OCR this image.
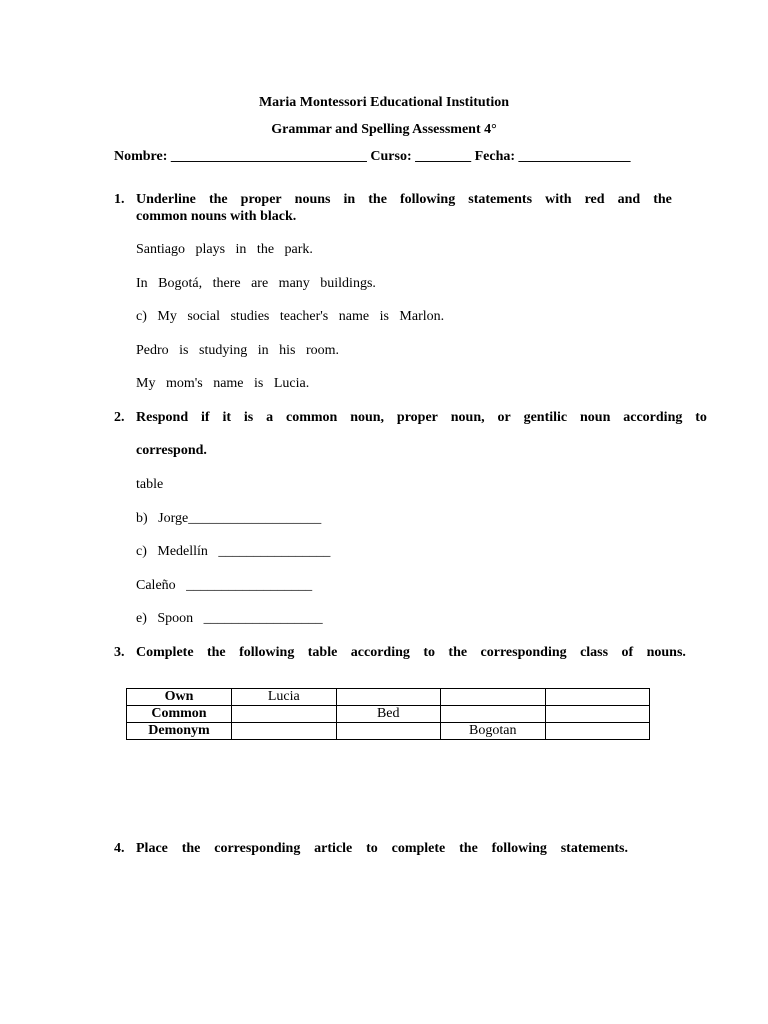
Maria Montessori Educational Institution
Grammar and Spelling Assessment 4°
Nombre: ____________________________ Curso: ________ Fecha: ________________
1. Underline the proper nouns in the following statements with red and the
common nouns with black.
Santiago plays in the park.
In Bogotá, there are many buildings.
c) My social studies teacher's name is Marlon.
Pedro is studying in his room.
My mom's name is Lucia.
2. Respond if it is a common noun, proper noun, or gentilic noun according to
correspond.
table
b) Jorge___________________
c) Medellín ________________
Caleño __________________
e) Spoon _________________
3. Complete the following table according to the corresponding class of nouns.
Own	Lucia			
Common		Bed		
Demonym			Bogotan	
4. Place the corresponding article to complete the following statements.
